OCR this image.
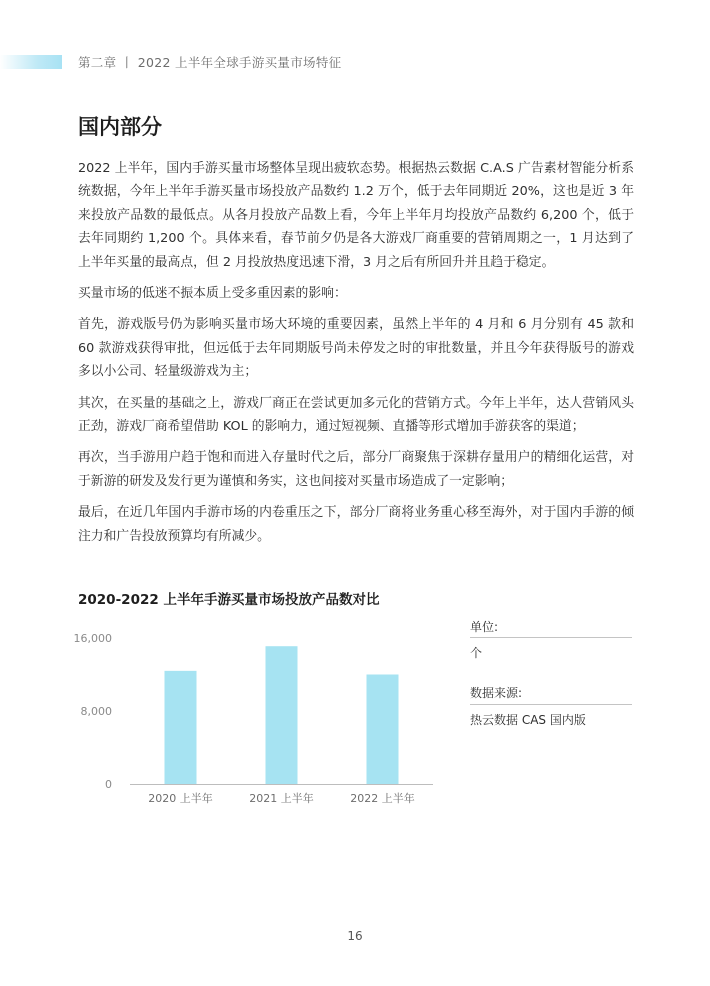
第二章 丨 2022 上半年全球手游买量市场特征
国内部分

2022 上半年，国内手游买量市场整体呈现出疲软态势。根据热云数据 C.A.S 广告素材智能分析系统数据，今年上半年手游买量市场投放产品数约 1.2 万个，低于去年同期近 20%，这也是近 3 年来投放产品数的最低点。从各月投放产品数上看，今年上半年月均投放产品数约 6,200 个，低于去年同期约 1,200 个。具体来看，春节前夕仍是各大游戏厂商重要的营销周期之一，1 月达到了上半年买量的最高点，但 2 月投放热度迅速下滑，3 月之后有所回升并且趋于稳定。

买量市场的低迷不振本质上受多重因素的影响：

首先，游戏版号仍为影响买量市场大环境的重要因素，虽然上半年的 4 月和 6 月分别有 45 款和 60 款游戏获得审批，但远低于去年同期版号尚未停发之时的审批数量，并且今年获得版号的游戏多以小公司、轻量级游戏为主；

其次，在买量的基础之上，游戏厂商正在尝试更加多元化的营销方式。今年上半年，达人营销风头正劲，游戏厂商希望借助 KOL 的影响力，通过短视频、直播等形式增加手游获客的渠道；

再次，当手游用户趋于饱和而进入存量时代之后，部分厂商聚焦于深耕存量用户的精细化运营，对于新游的研发及发行更为谨慎和务实，这也间接对买量市场造成了一定影响；

最后，在近几年国内手游市场的内卷重压之下，部分厂商将业务重心移至海外，对于国内手游的倾注力和广告投放预算均有所减少。

2020-2022 上半年手游买量市场投放产品数对比
0
8,000
16,000
2020 上半年	2021 上半年	2022 上半年
单位:
个
数据来源:
热云数据 CAS 国内版
16
